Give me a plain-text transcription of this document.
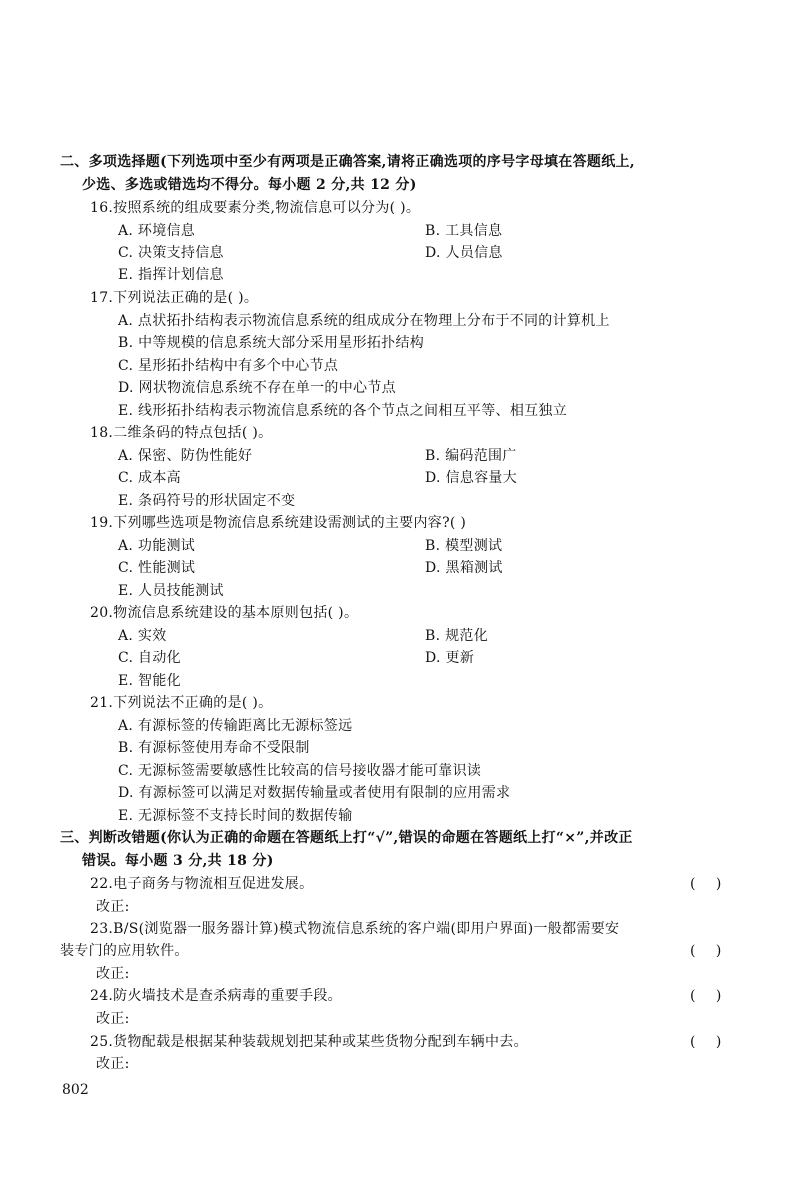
二、多项选择题(下列选项中至少有两项是正确答案,请将正确选项的序号字母填在答题纸上,
少选、多选或错选均不得分。每小题 2 分,共 12 分)
16.按照系统的组成要素分类,物流信息可以分为( )。
A. 环境信息	B. 工具信息
C. 决策支持信息	D. 人员信息
E. 指挥计划信息
17.下列说法正确的是( )。
A. 点状拓扑结构表示物流信息系统的组成成分在物理上分布于不同的计算机上
B. 中等规模的信息系统大部分采用星形拓扑结构
C. 星形拓扑结构中有多个中心节点
D. 网状物流信息系统不存在单一的中心节点
E. 线形拓扑结构表示物流信息系统的各个节点之间相互平等、相互独立
18.二维条码的特点包括( )。
A. 保密、防伪性能好	B. 编码范围广
C. 成本高	D. 信息容量大
E. 条码符号的形状固定不变
19.下列哪些选项是物流信息系统建设需测试的主要内容?( )
A. 功能测试	B. 模型测试
C. 性能测试	D. 黑箱测试
E. 人员技能测试
20.物流信息系统建设的基本原则包括( )。
A. 实效	B. 规范化
C. 自动化	D. 更新
E. 智能化
21.下列说法不正确的是( )。
A. 有源标签的传输距离比无源标签远
B. 有源标签使用寿命不受限制
C. 无源标签需要敏感性比较高的信号接收器才能可靠识读
D. 有源标签可以满足对数据传输量或者使用有限制的应用需求
E. 无源标签不支持长时间的数据传输
三、判断改错题(你认为正确的命题在答题纸上打“√”,错误的命题在答题纸上打“×”,并改正
错误。每小题 3 分,共 18 分)
22.电子商务与物流相互促进发展。	( )
改正:
23.B/S(浏览器一服务器计算)模式物流信息系统的客户端(即用户界面)一般都需要安
装专门的应用软件。	( )
改正:
24.防火墙技术是查杀病毒的重要手段。	( )
改正:
25.货物配载是根据某种装载规划把某种或某些货物分配到车辆中去。	( )
改正:
802
